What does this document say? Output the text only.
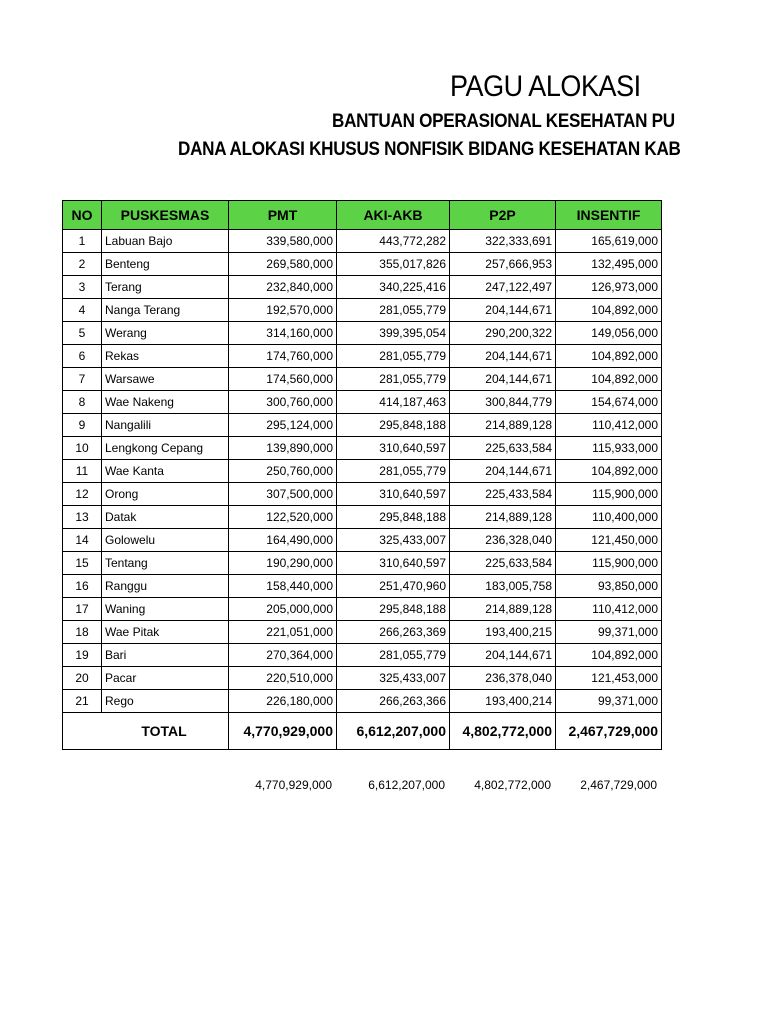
PAGU ALOKASI
BANTUAN OPERASIONAL KESEHATAN PU
DANA ALOKASI KHUSUS NONFISIK BIDANG KESEHATAN KAB
NO	PUSKESMAS	PMT	AKI-AKB	P2P	INSENTIF
1	Labuan Bajo	339,580,000	443,772,282	322,333,691	165,619,000
2	Benteng	269,580,000	355,017,826	257,666,953	132,495,000
3	Terang	232,840,000	340,225,416	247,122,497	126,973,000
4	Nanga Terang	192,570,000	281,055,779	204,144,671	104,892,000
5	Werang	314,160,000	399,395,054	290,200,322	149,056,000
6	Rekas	174,760,000	281,055,779	204,144,671	104,892,000
7	Warsawe	174,560,000	281,055,779	204,144,671	104,892,000
8	Wae Nakeng	300,760,000	414,187,463	300,844,779	154,674,000
9	Nangalili	295,124,000	295,848,188	214,889,128	110,412,000
10	Lengkong Cepang	139,890,000	310,640,597	225,633,584	115,933,000
11	Wae Kanta	250,760,000	281,055,779	204,144,671	104,892,000
12	Orong	307,500,000	310,640,597	225,433,584	115,900,000
13	Datak	122,520,000	295,848,188	214,889,128	110,400,000
14	Golowelu	164,490,000	325,433,007	236,328,040	121,450,000
15	Tentang	190,290,000	310,640,597	225,633,584	115,900,000
16	Ranggu	158,440,000	251,470,960	183,005,758	93,850,000
17	Waning	205,000,000	295,848,188	214,889,128	110,412,000
18	Wae Pitak	221,051,000	266,263,369	193,400,215	99,371,000
19	Bari	270,364,000	281,055,779	204,144,671	104,892,000
20	Pacar	220,510,000	325,433,007	236,378,040	121,453,000
21	Rego	226,180,000	266,263,366	193,400,214	99,371,000
TOTAL		4,770,929,000	6,612,207,000	4,802,772,000	2,467,729,000
4,770,929,000	6,612,207,000	4,802,772,000	2,467,729,000
